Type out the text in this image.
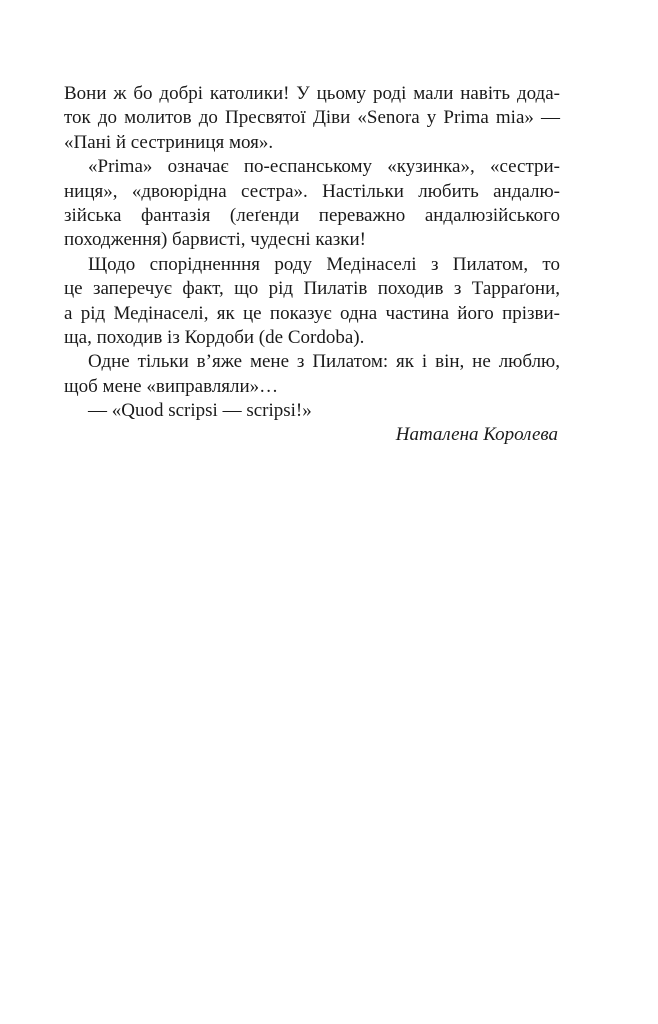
Вони ж бо добрі католики! У цьому роді мали навіть дода-
ток до молитов до Пресвятої Діви «Senora y Prima mia» —
«Пані й сестриниця моя».
«Prima» означає по-еспанському «кузинка», «сестри-
ниця», «двоюрідна сестра». Настільки любить андалю-
зійська фантазія (леґенди переважно андалюзійського
походження) барвисті, чудесні казки!
Щодо спорідненння роду Медінаселі з Пилатом, то
це заперечує факт, що рід Пилатів походив з Тарраґони,
а рід Медінаселі, як це показує одна частина його прізви-
ща, походив із Кордоби (de Cordoba).
Одне тільки в’яже мене з Пилатом: як і він, не люблю,
щоб мене «виправляли»…
— «Quod scripsi — scripsi!»
Наталена Королева
